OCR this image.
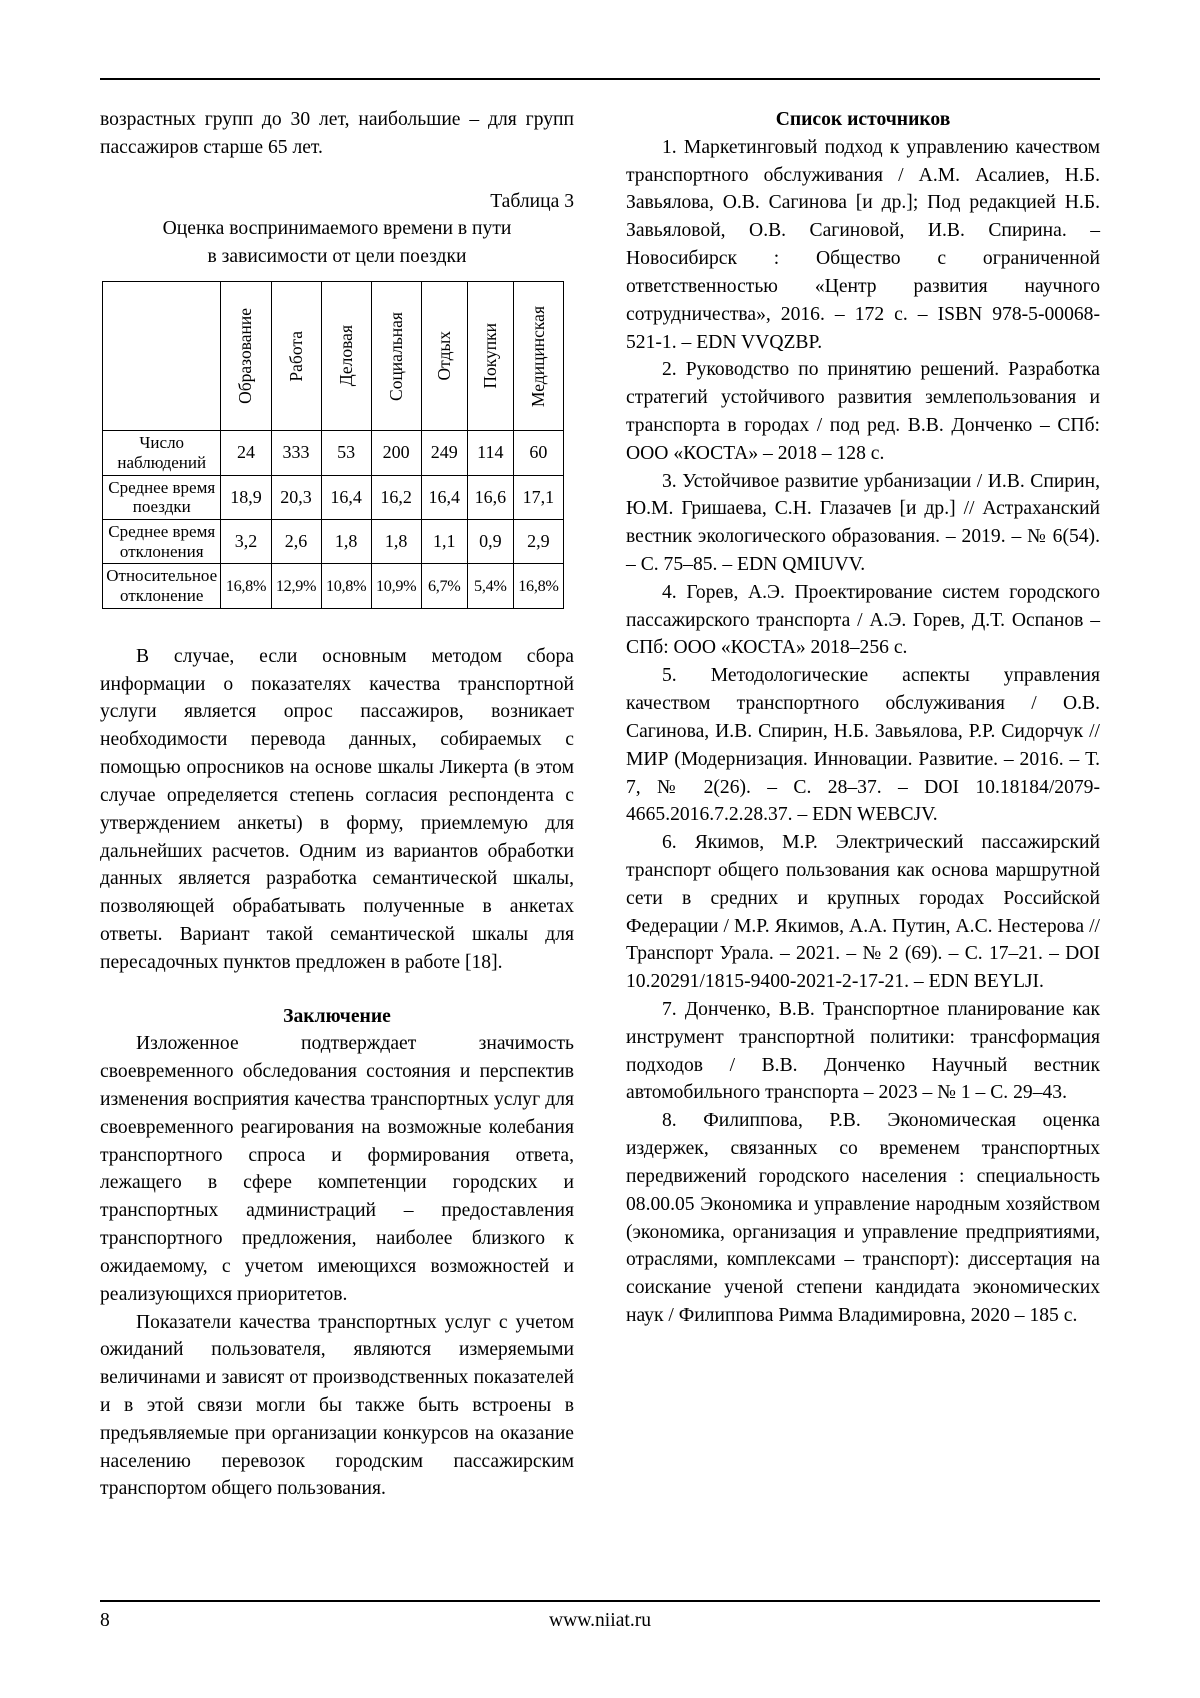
возрастных групп до 30 лет, наибольшие – для групп пассажиров старше 65 лет.

Таблица 3

Оценка воспринимаемого времени в пути

в зависимости от цели поездки

	Образование	Работа	Деловая	Социальная	Отдых	Покупки	Медицинская

Число наблюдений	24	333	53	200	249	114	60
Среднее время поездки	18,9	20,3	16,4	16,2	16,4	16,6	17,1
Среднее время отклонения	3,2	2,6	1,8	1,8	1,1	0,9	2,9
Относительное отклонение	16,8%	12,9%	10,8%	10,9%	6,7%	5,4%	16,8%

В случае, если основным методом сбора информации о показателях качества транспортной услуги является опрос пассажиров, возникает необходимости перевода данных, собираемых с помощью опросников на основе шкалы Ликерта (в этом случае определяется степень согласия респондента с утверждением анкеты) в форму, приемлемую для дальнейших расчетов. Одним из вариантов обработки данных является разработка семантической шкалы, позволяющей обрабатывать полученные в анкетах ответы. Вариант такой семантической шкалы для пересадочных пунктов предложен в работе [18].

Заключение

Изложенное подтверждает значимость своевременного обследования состояния и перспектив изменения восприятия качества транспортных услуг для своевременного реагирования на возможные колебания транспортного спроса и формирования ответа, лежащего в сфере компетенции городских и транспортных администраций – предоставления транспортного предложения, наиболее близкого к ожидаемому, с учетом имеющихся возможностей и реализующихся приоритетов.

Показатели качества транспортных услуг с учетом ожиданий пользователя, являются измеряемыми величинами и зависят от производственных показателей и в этой связи могли бы также быть встроены в предъявляемые при организации конкурсов на оказание населению перевозок городским пассажирским транспортом общего пользования.

Список источников

1. Маркетинговый подход к управлению качеством транспортного обслуживания / А.М. Асалиев, Н.Б. Завьялова, О.В. Сагинова [и др.]; Под редакцией Н.Б. Завьяловой, О.В. Сагиновой, И.В. Спирина. – Новосибирск : Общество с ограниченной ответственностью «Центр развития научного сотрудничества», 2016. – 172 с. – ISBN 978-5-00068-521-1. – EDN VVQZBP.

2. Руководство по принятию решений. Разработка стратегий устойчивого развития землепользования и транспорта в городах / под ред. В.В. Донченко – СПб: ООО «КОСТА» – 2018 – 128 с.

3. Устойчивое развитие урбанизации / И.В. Спирин, Ю.М. Гришаева, С.Н. Глазачев [и др.] // Астраханский вестник экологического образования. – 2019. – № 6(54). – С. 75–85. – EDN QMIUVV.

4. Горев, А.Э. Проектирование систем городского пассажирского транспорта / А.Э. Горев, Д.Т. Оспанов – СПб: ООО «КОСТА» 2018–256 с.

5. Методологические аспекты управления качеством транспортного обслуживания / О.В. Сагинова, И.В. Спирин, Н.Б. Завьялова, Р.Р. Сидорчук // МИР (Модернизация. Инновации. Развитие. – 2016. – Т. 7, № 2(26). – С. 28–37. – DOI 10.18184/2079-4665.2016.7.2.28.37. – EDN WEBCJV.

6. Якимов, М.Р. Электрический пассажирский транспорт общего пользования как основа маршрутной сети в средних и крупных городах Российской Федерации / М.Р. Якимов, А.А. Путин, А.С. Нестерова // Транспорт Урала. – 2021. – № 2 (69). – С. 17–21. – DOI 10.20291/1815-9400-2021-2-17-21. – EDN BEYLJI.

7. Донченко, В.В. Транспортное планирование как инструмент транспортной политики: трансформация подходов / В.В. Донченко Научный вестник автомобильного транспорта – 2023 – № 1 – С. 29–43.

8. Филиппова, Р.В. Экономическая оценка издержек, связанных со временем транспортных передвижений городского населения : специальность 08.00.05 Экономика и управление народным хозяйством (экономика, организация и управление предприятиями, отраслями, комплексами – транспорт): диссертация на соискание ученой степени кандидата экономических наук / Филиппова Римма Владимировна, 2020 – 185 с.

8	www.niiat.ru
